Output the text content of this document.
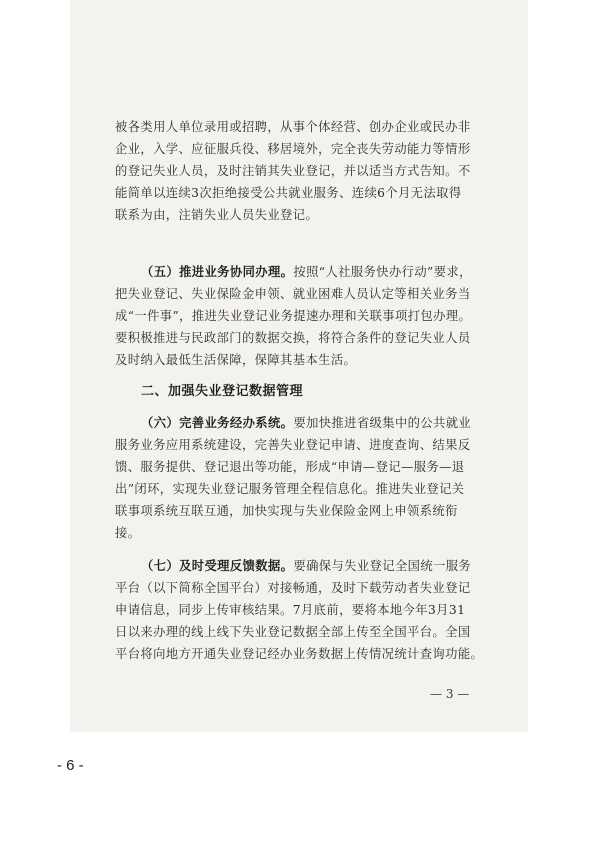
被各类用人单位录用或招聘，从事个体经营、创办企业或民办非
企业，入学、应征服兵役、移居境外，完全丧失劳动能力等情形
的登记失业人员，及时注销其失业登记，并以适当方式告知。不
能简单以连续3次拒绝接受公共就业服务、连续6个月无法取得
联系为由，注销失业人员失业登记。
（五）推进业务协同办理。按照“人社服务快办行动”要求，
把失业登记、失业保险金申领、就业困难人员认定等相关业务当
成“一件事”，推进失业登记业务提速办理和关联事项打包办理。
要积极推进与民政部门的数据交换，将符合条件的登记失业人员
及时纳入最低生活保障，保障其基本生活。
二、加强失业登记数据管理
（六）完善业务经办系统。要加快推进省级集中的公共就业
服务业务应用系统建设，完善失业登记申请、进度查询、结果反
馈、服务提供、登记退出等功能，形成“申请—登记—服务—退
出”闭环，实现失业登记服务管理全程信息化。推进失业登记关
联事项系统互联互通，加快实现与失业保险金网上申领系统衔
接。
（七）及时受理反馈数据。要确保与失业登记全国统一服务
平台（以下简称全国平台）对接畅通，及时下载劳动者失业登记
申请信息，同步上传审核结果。7月底前，要将本地今年3月31
日以来办理的线上线下失业登记数据全部上传至全国平台。全国
平台将向地方开通失业登记经办业务数据上传情况统计查询功能。
— 3 —
- 6 -
